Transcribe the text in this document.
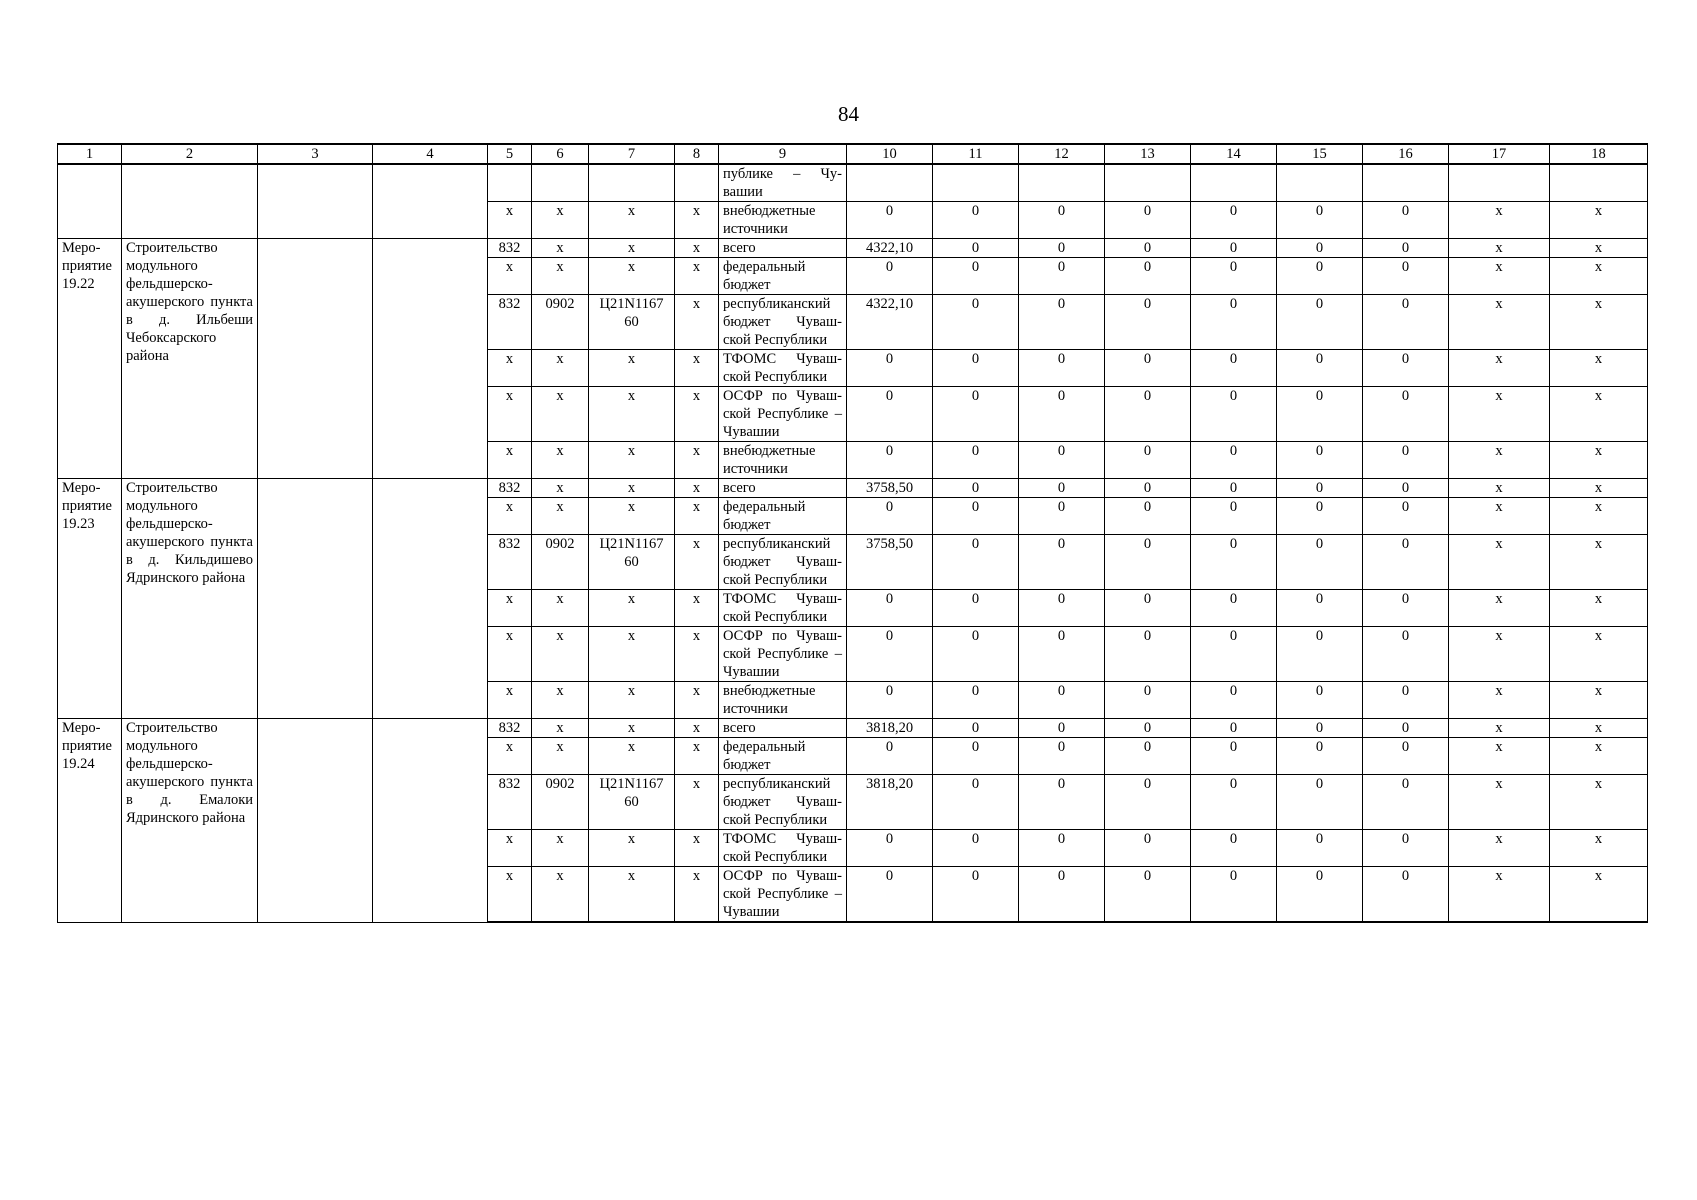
84
1	2	3	4	5	6	7	8	9	10	11	12	13	14	15	16	17	18
								публике – Чувашии									
				х	х	х	х	внебюджетные источники	0	0	0	0	0	0	0	х	х
Мероприятие 19.22	Строительство модульного фельдшерско-акушерского пункта в д. Ильбеши Чебоксарского района			832	х	х	х	всего	4322,10	0	0	0	0	0	0	х	х
				х	х	х	х	федеральный бюджет	0	0	0	0	0	0	0	х	х
				832	0902	Ц21N1167 60	х	республиканский бюджет Чувашской Республики	4322,10	0	0	0	0	0	0	х	х
				х	х	х	х	ТФОМС Чувашской Республики	0	0	0	0	0	0	0	х	х
				х	х	х	х	ОСФР по Чувашской Республике – Чувашии	0	0	0	0	0	0	0	х	х
				х	х	х	х	внебюджетные источники	0	0	0	0	0	0	0	х	х
Мероприятие 19.23	Строительство модульного фельдшерско-акушерского пункта в д. Кильдишево Ядринского района			832	х	х	х	всего	3758,50	0	0	0	0	0	0	х	х
				х	х	х	х	федеральный бюджет	0	0	0	0	0	0	0	х	х
				832	0902	Ц21N1167 60	х	республиканский бюджет Чувашской Республики	3758,50	0	0	0	0	0	0	х	х
				х	х	х	х	ТФОМС Чувашской Республики	0	0	0	0	0	0	0	х	х
				х	х	х	х	ОСФР по Чувашской Республике – Чувашии	0	0	0	0	0	0	0	х	х
				х	х	х	х	внебюджетные источники	0	0	0	0	0	0	0	х	х
Мероприятие 19.24	Строительство модульного фельдшерско-акушерского пункта в д. Емалоки Ядринского района			832	х	х	х	всего	3818,20	0	0	0	0	0	0	х	х
				х	х	х	х	федеральный бюджет	0	0	0	0	0	0	0	х	х
				832	0902	Ц21N1167 60	х	республиканский бюджет Чувашской Республики	3818,20	0	0	0	0	0	0	х	х
				х	х	х	х	ТФОМС Чувашской Республики	0	0	0	0	0	0	0	х	х
				х	х	х	х	ОСФР по Чувашской Республике – Чувашии	0	0	0	0	0	0	0	х	х
